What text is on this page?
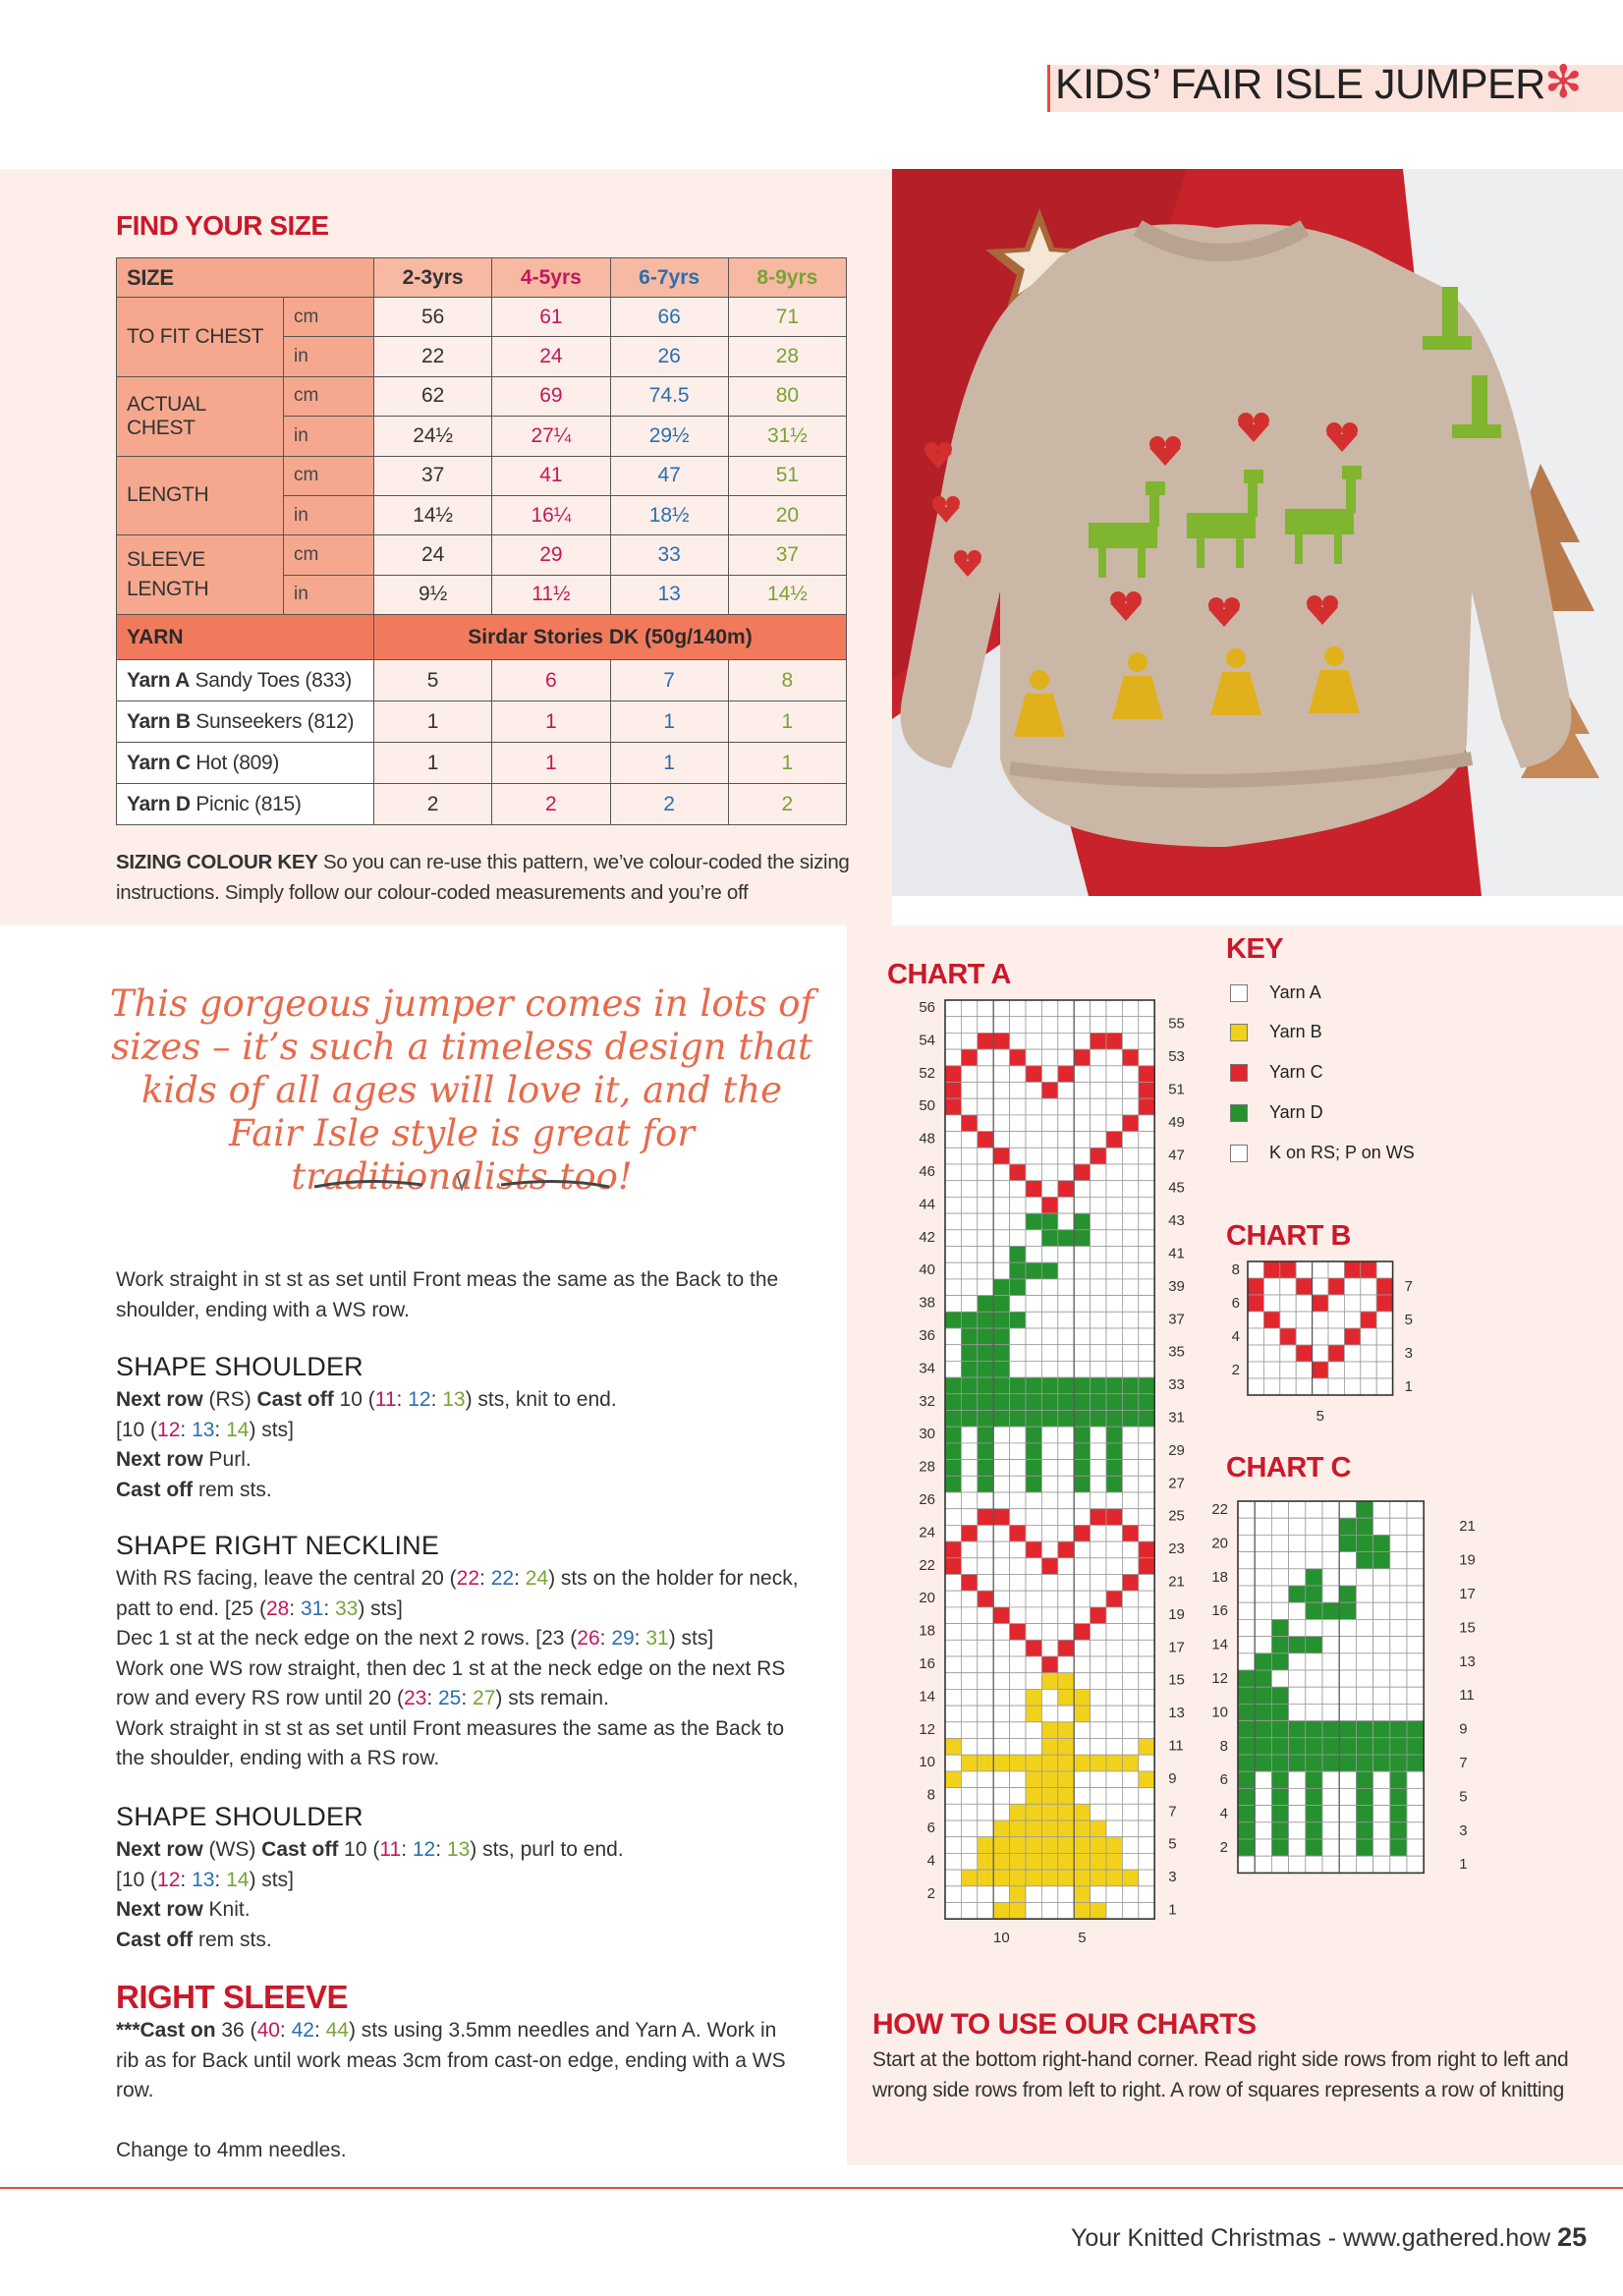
KIDS’ FAIR ISLE JUMPER ✻
FIND YOUR SIZE
SIZE		2-3yrs	4-5yrs	6-7yrs	8-9yrs
TO FIT CHEST	cm	56	61	66	71
	in	22	24	26	28
ACTUAL CHEST	cm	62	69	74.5	80
	in	24½	27¼	29½	31½
LENGTH	cm	37	41	47	51
	in	14½	16¼	18½	20
SLEEVE LENGTH	cm	24	29	33	37
	in	9½	11½	13	14½
YARN		Sirdar Stories DK (50g/140m)			
Yarn A Sandy Toes (833)		5	6	7	8
Yarn B Sunseekers (812)		1	1	1	1
Yarn C Hot (809)		1	1	1	1
Yarn D Picnic (815)		2	2	2	2
SIZING COLOUR KEY So you can re-use this pattern, we’ve colour-coded the sizing instructions. Simply follow our colour-coded measurements and you’re off
This gorgeous jumper comes in lots of sizes – it’s such a timeless design that kids of all ages will love it, and the Fair Isle style is great for traditionalists too!
Work straight in st st as set until Front meas the same as the Back to the shoulder, ending with a WS row.
SHAPE SHOULDER
Next row (RS) Cast off 10 (11: 12: 13) sts, knit to end.
[10 (12: 13: 14) sts]
Next row Purl.
Cast off rem sts.
SHAPE RIGHT NECKLINE
With RS facing, leave the central 20 (22: 22: 24) sts on the holder for neck, patt to end. [25 (28: 31: 33) sts]
Dec 1 st at the neck edge on the next 2 rows. [23 (26: 29: 31) sts]
Work one WS row straight, then dec 1 st at the neck edge on the next RS row and every RS row until 20 (23: 25: 27) sts remain.
Work straight in st st as set until Front measures the same as the Back to the shoulder, ending with a RS row.
SHAPE SHOULDER
Next row (WS) Cast off 10 (11: 12: 13) sts, purl to end.
[10 (12: 13: 14) sts]
Next row Knit.
Cast off rem sts.
RIGHT SLEEVE
***Cast on 36 (40: 42: 44) sts using 3.5mm needles and Yarn A. Work in rib as for Back until work meas 3cm from cast-on edge, ending with a WS row.
Change to 4mm needles.
CHART A
KEY
CHART B
CHART C
Yarn A
Yarn B
Yarn C
Yarn D
K on RS; P on WS
56
54
52
50
48
46
44
42
40
38
36
34
32
30
28
26
24
22
20
18
16
14
12
10
8
6
4
2
55
53
51
49
47
45
43
41
39
37
35
33
31
29
27
25
23
21
19
17
15
13
11
9
7
5
3
1
10	5
8
6
4
2
7
5
3
1
5
22
20
18
16
14
12
10
8
6
4
2
21
19
17
15
13
11
9
7
5
3
1
HOW TO USE OUR CHARTS
Start at the bottom right-hand corner. Read right side rows from right to left and wrong side rows from left to right. A row of squares represents a row of knitting
Your Knitted Christmas - www.gathered.how 25
